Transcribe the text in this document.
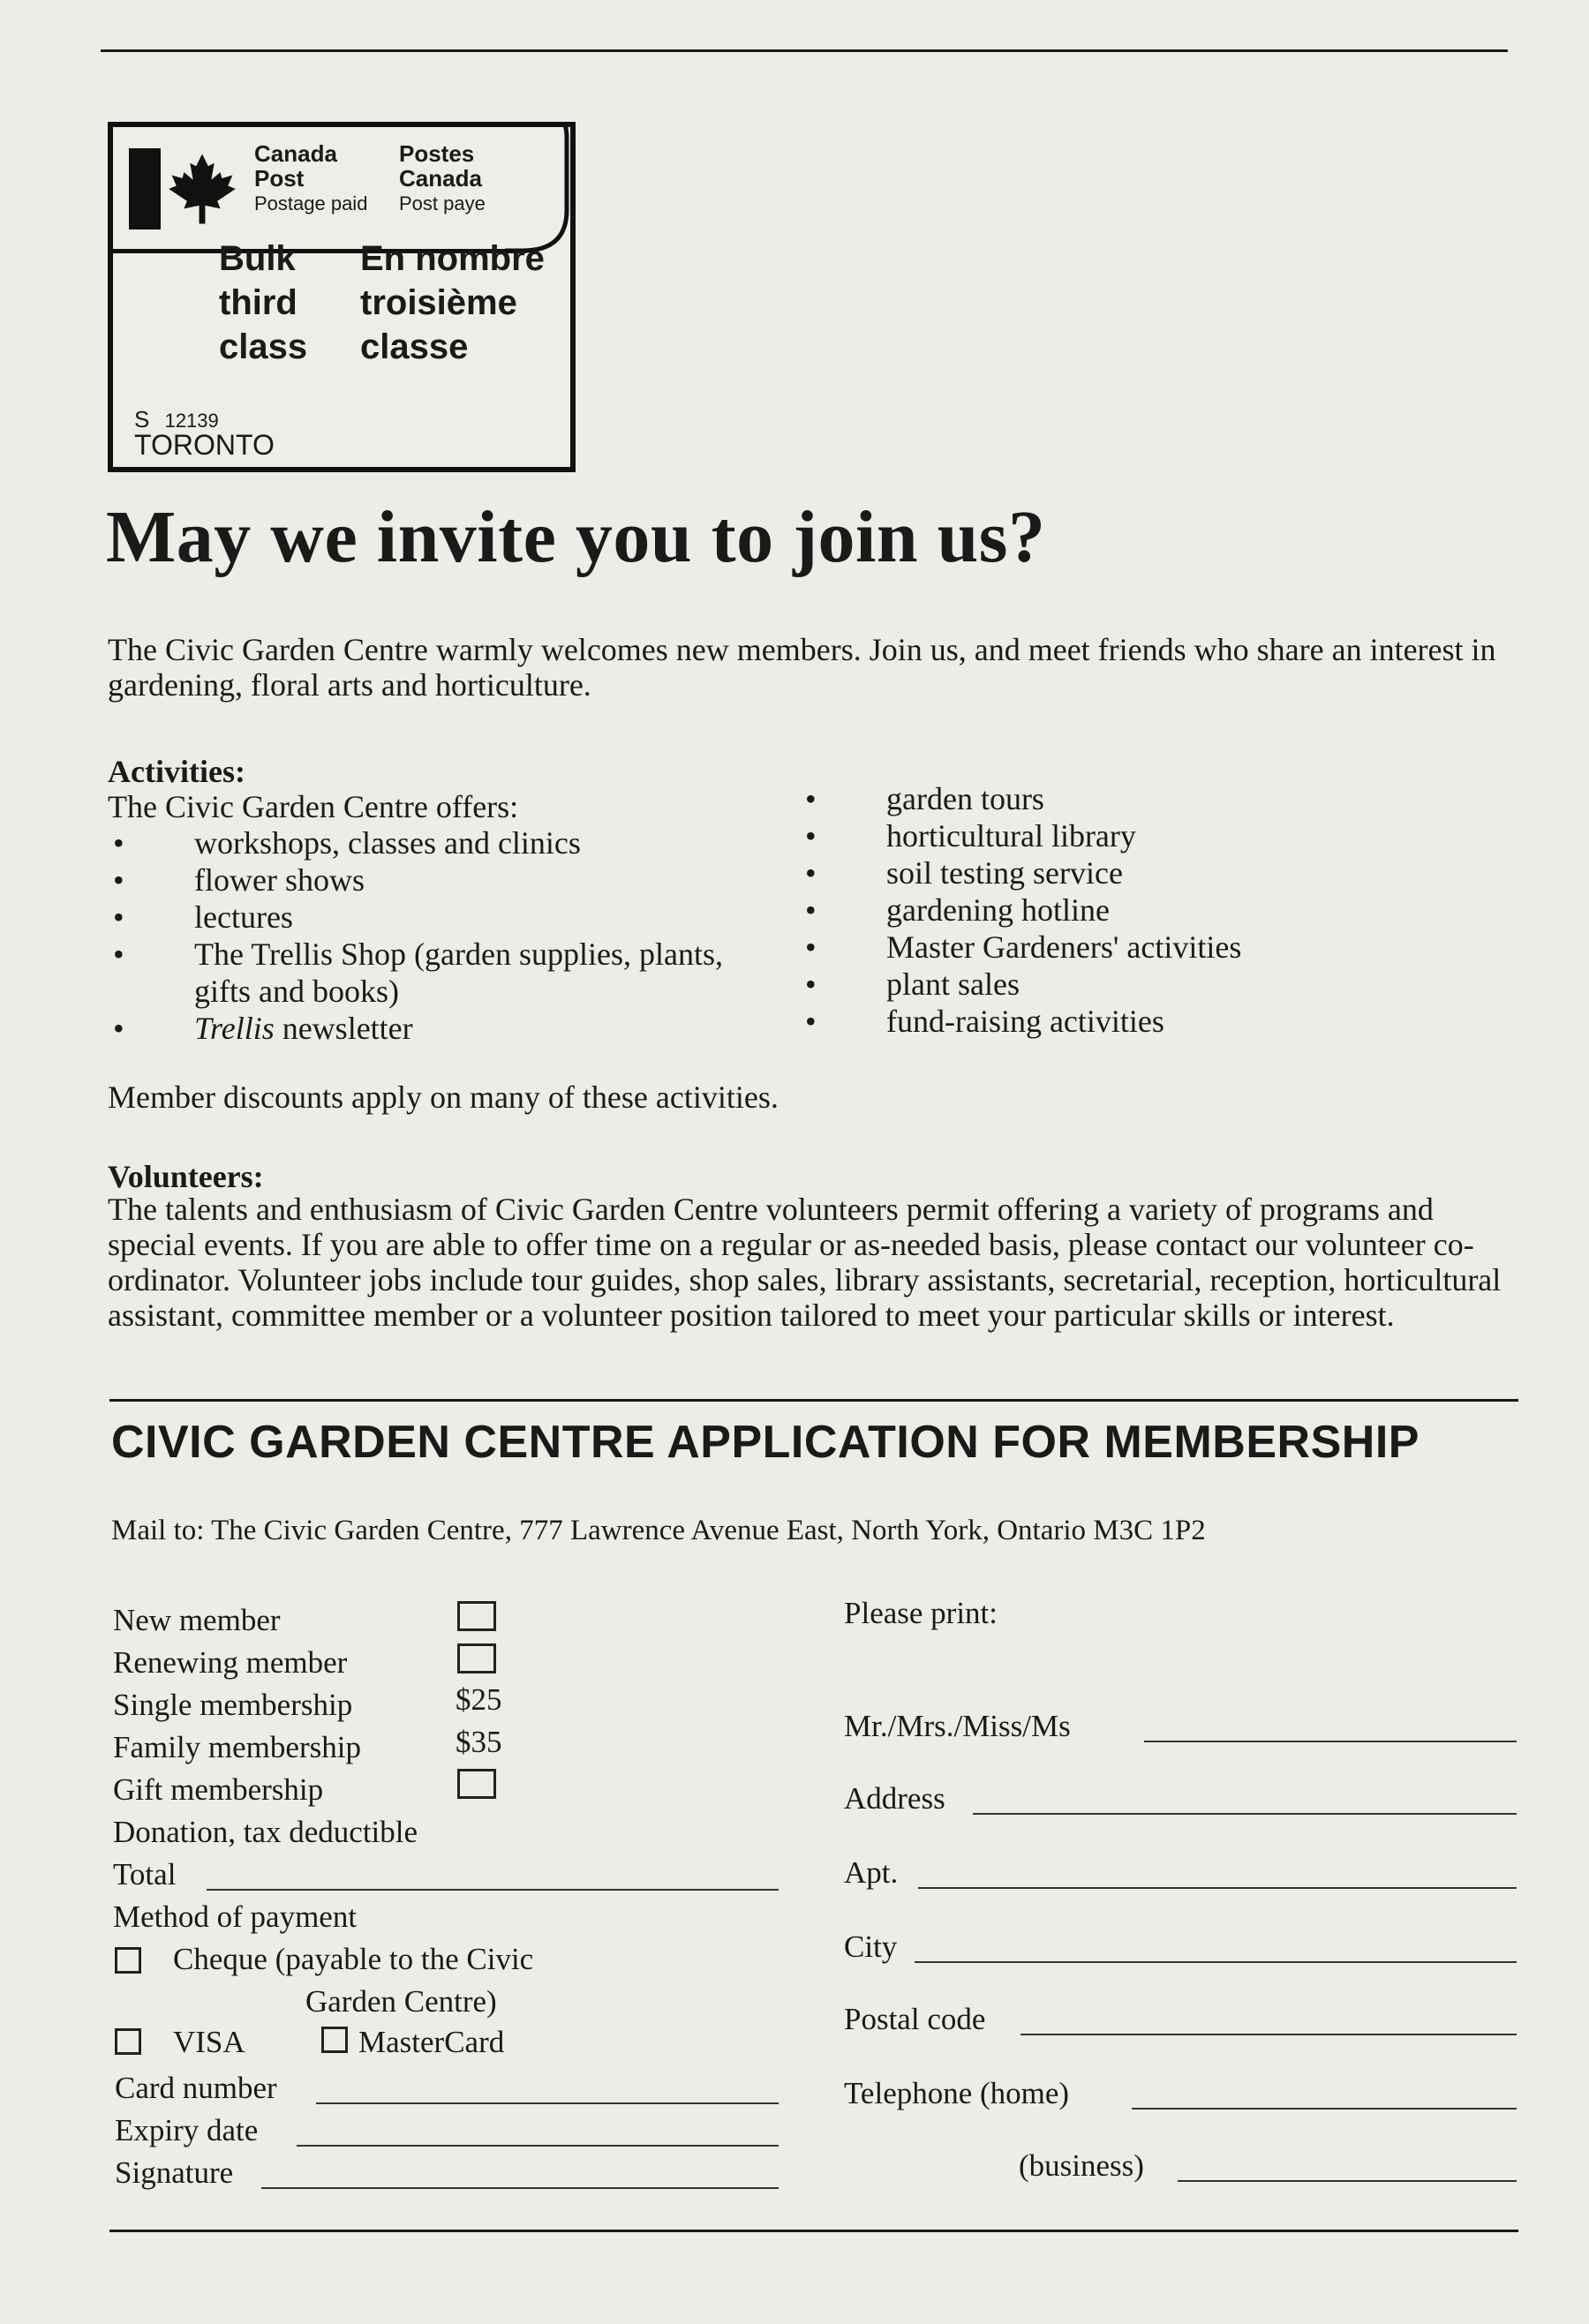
Canada
Post
Postage paid
Postes
Canada
Post paye
Bulk
third
class
En nombre
troisième
classe
S 12139
TORONTO
May we invite you to join us?
The Civic Garden Centre warmly welcomes new members. Join us, and meet friends who share an interest in gardening, floral arts and horticulture.
Activities:
The Civic Garden Centre offers:
• workshops, classes and clinics
• flower shows
• lectures
• The Trellis Shop (garden supplies, plants, gifts and books)
• Trellis newsletter
• garden tours
• horticultural library
• soil testing service
• gardening hotline
• Master Gardeners' activities
• plant sales
• fund-raising activities
Member discounts apply on many of these activities.
Volunteers:
The talents and enthusiasm of Civic Garden Centre volunteers permit offering a variety of programs and special events. If you are able to offer time on a regular or as-needed basis, please contact our volunteer co-ordinator. Volunteer jobs include tour guides, shop sales, library assistants, secretarial, reception, horticultural assistant, committee member or a volunteer position tailored to meet your particular skills or interest.
CIVIC GARDEN CENTRE APPLICATION FOR MEMBERSHIP
Mail to: The Civic Garden Centre, 777 Lawrence Avenue East, North York, Ontario M3C 1P2
New member
Renewing member
Single membership	$25
Family membership	$35
Gift membership
Donation, tax deductible
Total
Method of payment
Cheque (payable to the Civic
Garden Centre)
VISA	MasterCard
Card number
Expiry date
Signature
Please print:
Mr./Mrs./Miss/Ms
Address
Apt.
City
Postal code
Telephone (home)
(business)
